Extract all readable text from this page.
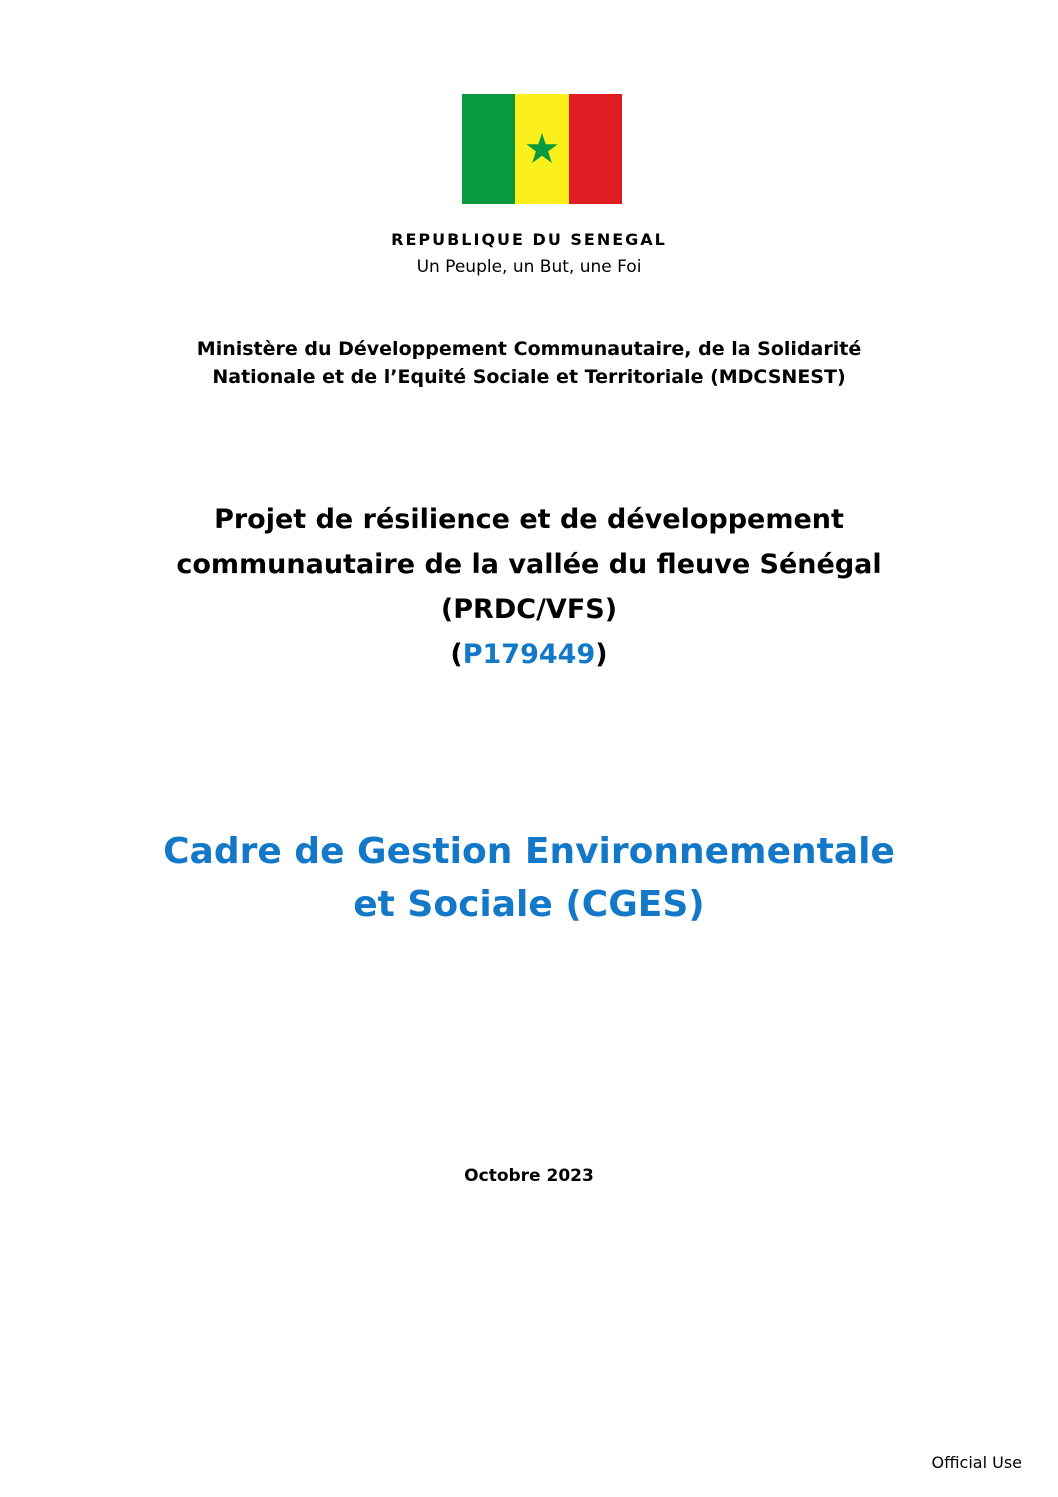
REPUBLIQUE DU SENEGAL
Un Peuple, un But, une Foi
Ministère du Développement Communautaire, de la Solidarité
Nationale et de l’Equité Sociale et Territoriale (MDCSNEST)
Projet de résilience et de développement
communautaire de la vallée du fleuve Sénégal
(PRDC/VFS)
(P179449)
Cadre de Gestion Environnementale
et Sociale (CGES)
Octobre 2023
Official Use
